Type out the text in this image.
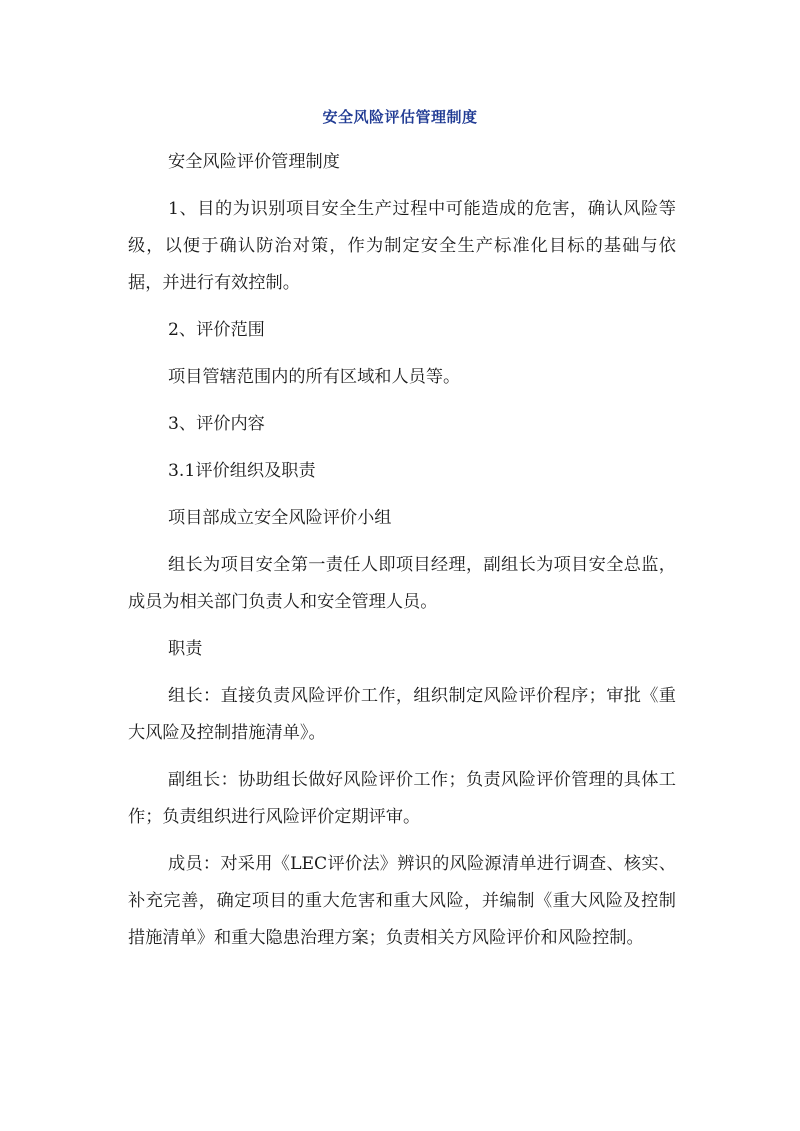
安全风险评估管理制度

安全风险评价管理制度

1、目的为识别项目安全生产过程中可能造成的危害，确认风险等级，以便于确认防治对策，作为制定安全生产标准化目标的基础与依据，并进行有效控制。

2、评价范围

项目管辖范围内的所有区域和人员等。

3、评价内容

3.1评价组织及职责

项目部成立安全风险评价小组

组长为项目安全第一责任人即项目经理，副组长为项目安全总监，成员为相关部门负责人和安全管理人员。

职责

组长：直接负责风险评价工作，组织制定风险评价程序；审批《重大风险及控制措施清单》。

副组长：协助组长做好风险评价工作；负责风险评价管理的具体工作；负责组织进行风险评价定期评审。

成员：对采用《LEC评价法》辨识的风险源清单进行调查、核实、补充完善，确定项目的重大危害和重大风险，并编制《重大风险及控制措施清单》和重大隐患治理方案；负责相关方风险评价和风险控制。
